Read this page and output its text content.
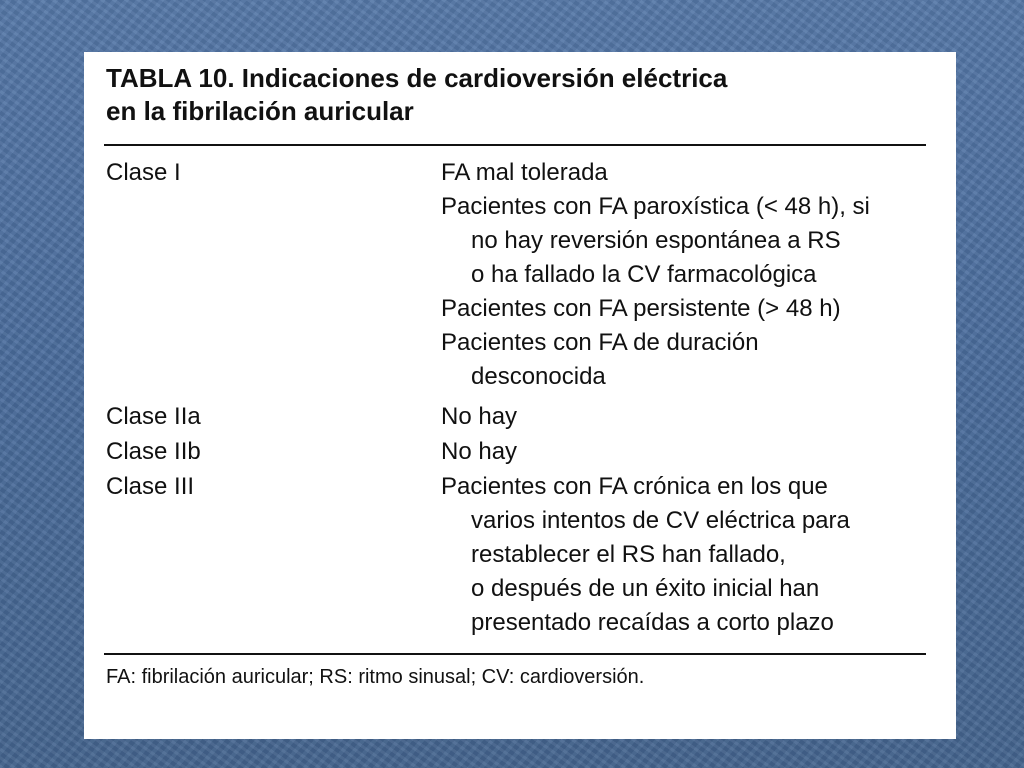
TABLA 10. Indicaciones de cardioversión eléctrica
en la fibrilación auricular
Clase I	FA mal tolerada
Pacientes con FA paroxística (< 48 h), si
no hay reversión espontánea a RS
o ha fallado la CV farmacológica
Pacientes con FA persistente (> 48 h)
Pacientes con FA de duración
desconocida
Clase IIa	No hay
Clase IIb	No hay
Clase III	Pacientes con FA crónica en los que
varios intentos de CV eléctrica para
restablecer el RS han fallado,
o después de un éxito inicial han
presentado recaídas a corto plazo
FA: fibrilación auricular; RS: ritmo sinusal; CV: cardioversión.
